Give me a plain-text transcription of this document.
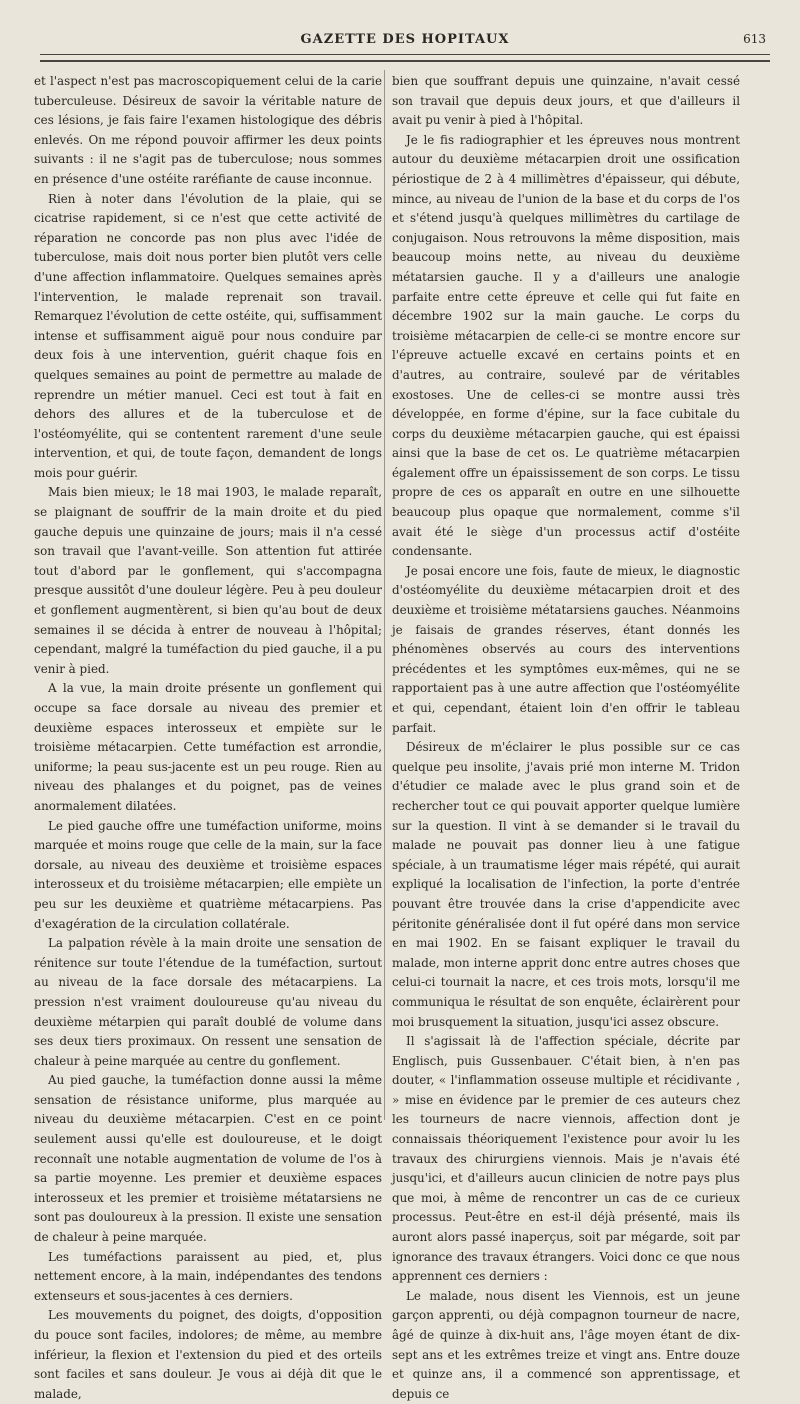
GAZETTE DES HOPITAUX	613

et l'aspect n'est pas macroscopiquement celui de la carie tuberculeuse. Désireux de savoir la véritable nature de ces lésions, je fais faire l'examen histologique des débris enlevés. On me répond pouvoir affirmer les deux points suivants : il ne s'agit pas de tuberculose; nous sommes en présence d'une ostéite raréfiante de cause inconnue.

Rien à noter dans l'évolution de la plaie, qui se cicatrise rapidement, si ce n'est que cette activité de réparation ne concorde pas non plus avec l'idée de tuberculose, mais doit nous porter bien plutôt vers celle d'une affection inflammatoire. Quelques semaines après l'intervention, le malade reprenait son travail. Remarquez l'évolution de cette ostéite, qui, suffisamment intense et suffisamment aiguë pour nous conduire par deux fois à une intervention, guérit chaque fois en quelques semaines au point de permettre au malade de reprendre un métier manuel. Ceci est tout à fait en dehors des allures et de la tuberculose et de l'ostéomyélite, qui se contentent rarement d'une seule intervention, et qui, de toute façon, demandent de longs mois pour guérir.

Mais bien mieux; le 18 mai 1903, le malade reparaît, se plaignant de souffrir de la main droite et du pied gauche depuis une quinzaine de jours; mais il n'a cessé son travail que l'avant-veille. Son attention fut attirée tout d'abord par le gonflement, qui s'accompagna presque aussitôt d'une douleur légère. Peu à peu douleur et gonflement augmentèrent, si bien qu'au bout de deux semaines il se décida à entrer de nouveau à l'hôpital; cependant, malgré la tuméfaction du pied gauche, il a pu venir à pied.

A la vue, la main droite présente un gonflement qui occupe sa face dorsale au niveau des premier et deuxième espaces interosseux et empiète sur le troisième métacarpien. Cette tuméfaction est arrondie, uniforme; la peau sus-jacente est un peu rouge. Rien au niveau des phalanges et du poignet, pas de veines anormalement dilatées.

Le pied gauche offre une tuméfaction uniforme, moins marquée et moins rouge que celle de la main, sur la face dorsale, au niveau des deuxième et troisième espaces interosseux et du troisième métacarpien; elle empiète un peu sur les deuxième et quatrième métacarpiens. Pas d'exagération de la circulation collatérale.

La palpation révèle à la main droite une sensation de rénitence sur toute l'étendue de la tuméfaction, surtout au niveau de la face dorsale des métacarpiens. La pression n'est vraiment douloureuse qu'au niveau du deuxième métarpien qui paraît doublé de volume dans ses deux tiers proximaux. On ressent une sensation de chaleur à peine marquée au centre du gonflement.

Au pied gauche, la tuméfaction donne aussi la même sensation de résistance uniforme, plus marquée au niveau du deuxième métacarpien. C'est en ce point seulement aussi qu'elle est douloureuse, et le doigt reconnaît une notable augmentation de volume de l'os à sa partie moyenne. Les premier et deuxième espaces interosseux et les premier et troisième métatarsiens ne sont pas douloureux à la pression. Il existe une sensation de chaleur à peine marquée.

Les tuméfactions paraissent au pied, et, plus nettement encore, à la main, indépendantes des tendons extenseurs et sous-jacentes à ces derniers.

Les mouvements du poignet, des doigts, d'opposition du pouce sont faciles, indolores; de même, au membre inférieur, la flexion et l'extension du pied et des orteils sont faciles et sans douleur. Je vous ai déjà dit que le malade,

bien que souffrant depuis une quinzaine, n'avait cessé son travail que depuis deux jours, et que d'ailleurs il avait pu venir à pied à l'hôpital.

Je le fis radiographier et les épreuves nous montrent autour du deuxième métacarpien droit une ossification périostique de 2 à 4 millimètres d'épaisseur, qui débute, mince, au niveau de l'union de la base et du corps de l'os et s'étend jusqu'à quelques millimètres du cartilage de conjugaison. Nous retrouvons la même disposition, mais beaucoup moins nette, au niveau du deuxième métatarsien gauche. Il y a d'ailleurs une analogie parfaite entre cette épreuve et celle qui fut faite en décembre 1902 sur la main gauche. Le corps du troisième métacarpien de celle-ci se montre encore sur l'épreuve actuelle excavé en certains points et en d'autres, au contraire, soulevé par de véritables exostoses. Une de celles-ci se montre aussi très développée, en forme d'épine, sur la face cubitale du corps du deuxième métacarpien gauche, qui est épaissi ainsi que la base de cet os. Le quatrième métacarpien également offre un épaississement de son corps. Le tissu propre de ces os apparaît en outre en une silhouette beaucoup plus opaque que normalement, comme s'il avait été le siège d'un processus actif d'ostéite condensante.

Je posai encore une fois, faute de mieux, le diagnostic d'ostéomyélite du deuxième métacarpien droit et des deuxième et troisième métatarsiens gauches. Néanmoins je faisais de grandes réserves, étant donnés les phénomènes observés au cours des interventions précédentes et les symptômes eux-mêmes, qui ne se rapportaient pas à une autre affection que l'ostéomyélite et qui, cependant, étaient loin d'en offrir le tableau parfait.

Désireux de m'éclairer le plus possible sur ce cas quelque peu insolite, j'avais prié mon interne M. Tridon d'étudier ce malade avec le plus grand soin et de rechercher tout ce qui pouvait apporter quelque lumière sur la question. Il vint à se demander si le travail du malade ne pouvait pas donner lieu à une fatigue spéciale, à un traumatisme léger mais répété, qui aurait expliqué la localisation de l'infection, la porte d'entrée pouvant être trouvée dans la crise d'appendicite avec péritonite généralisée dont il fut opéré dans mon service en mai 1902. En se faisant expliquer le travail du malade, mon interne apprit donc entre autres choses que celui-ci tournait la nacre, et ces trois mots, lorsqu'il me communiqua le résultat de son enquête, éclairèrent pour moi brusquement la situation, jusqu'ici assez obscure.

Il s'agissait là de l'affection spéciale, décrite par Englisch, puis Gussenbauer. C'était bien, à n'en pas douter, « l'inflammation osseuse multiple et récidivante , » mise en évidence par le premier de ces auteurs chez les tourneurs de nacre viennois, affection dont je connaissais théoriquement l'existence pour avoir lu les travaux des chirurgiens viennois. Mais je n'avais été jusqu'ici, et d'ailleurs aucun clinicien de notre pays plus que moi, à même de rencontrer un cas de ce curieux processus. Peut-être en est-il déjà présenté, mais ils auront alors passé inaperçus, soit par mégarde, soit par ignorance des travaux étrangers. Voici donc ce que nous apprennent ces derniers :

Le malade, nous disent les Viennois, est un jeune garçon apprenti, ou déjà compagnon tourneur de nacre, âgé de quinze à dix-huit ans, l'âge moyen étant de dix-sept ans et les extrêmes treize et vingt ans. Entre douze et quinze ans, il a commencé son apprentissage, et depuis ce
